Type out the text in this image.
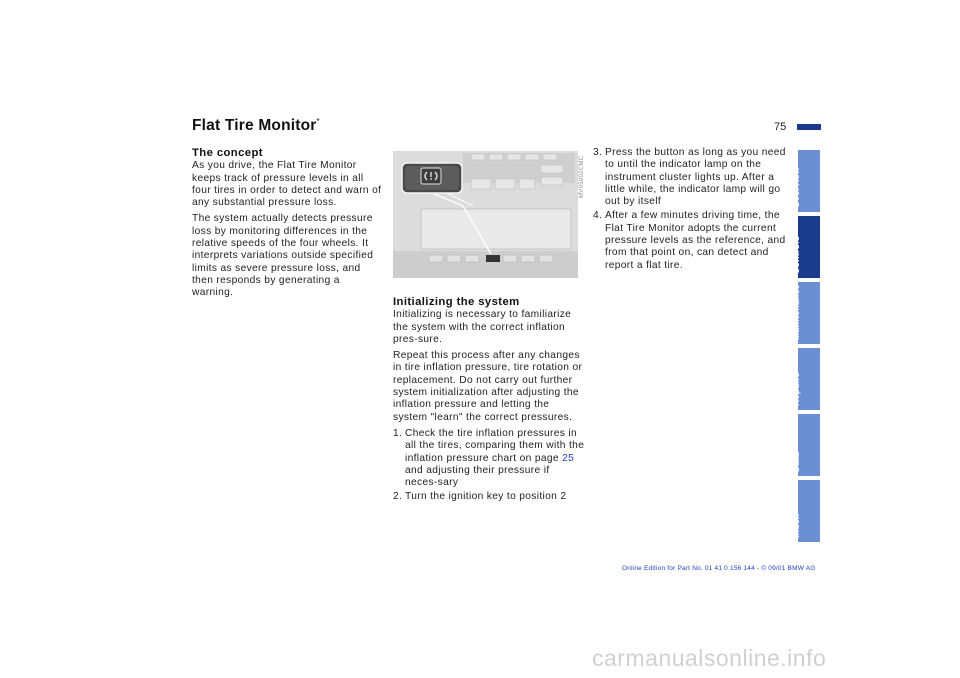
Flat Tire Monitor*	75
The concept

As you drive, the Flat Tire Monitor keeps track of pressure levels in all four tires in order to detect and warn of any substantial pressure loss.

The system actually detects pressure loss by monitoring differences in the relative speeds of the four wheels. It interprets variations outside specified limits as severe pressure loss, and then responds by generating a warning.

MV05002CMC
Initializing the system

Initializing is necessary to familiarize the system with the correct inflation pres-sure.

Repeat this process after any changes in tire inflation pressure, tire rotation or replacement. Do not carry out further system initialization after adjusting the inflation pressure and letting the system "learn" the correct pressures.

1. Check the tire inflation pressures in all the tires, comparing them with the inflation pressure chart on page 25 and adjusting their pressure if neces-sary
2. Turn the ignition key to position 2
3. Press the button as long as you need to until the indicator lamp on the instrument cluster lights up. After a little while, the indicator lamp will go out by itself
4. After a few minutes driving time, the Flat Tire Monitor adopts the current pressure levels as the reference, and from that point on, can detect and report a flat tire.
Overview
Controls
Maintenance
Repairs
Data
Index
Online Edition for Part No. 01 41 0 156 144 - © 09/01 BMW AG
carmanualsonline.info
